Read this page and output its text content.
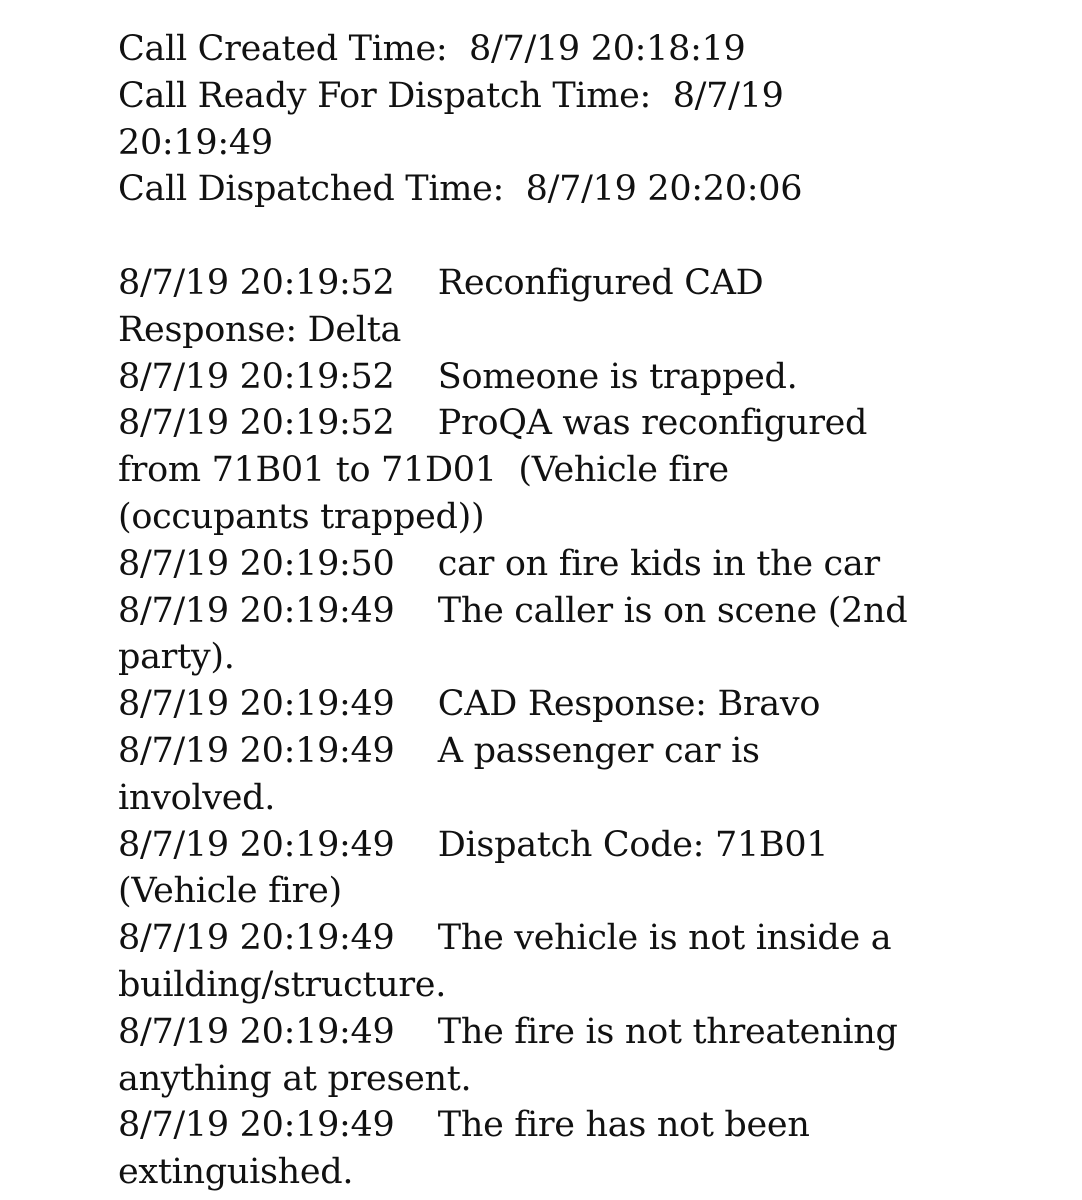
Call Created Time:  8/7/19 20:18:19
Call Ready For Dispatch Time:  8/7/19
20:19:49
Call Dispatched Time:  8/7/19 20:20:06
8/7/19 20:19:52    Reconfigured CAD
Response: Delta
8/7/19 20:19:52    Someone is trapped.
8/7/19 20:19:52    ProQA was reconfigured
from 71B01 to 71D01  (Vehicle fire
(occupants trapped))
8/7/19 20:19:50    car on fire kids in the car
8/7/19 20:19:49    The caller is on scene (2nd
party).
8/7/19 20:19:49    CAD Response: Bravo
8/7/19 20:19:49    A passenger car is
involved.
8/7/19 20:19:49    Dispatch Code: 71B01
(Vehicle fire)
8/7/19 20:19:49    The vehicle is not inside a
building/structure.
8/7/19 20:19:49    The fire is not threatening
anything at present.
8/7/19 20:19:49    The fire has not been
extinguished.
